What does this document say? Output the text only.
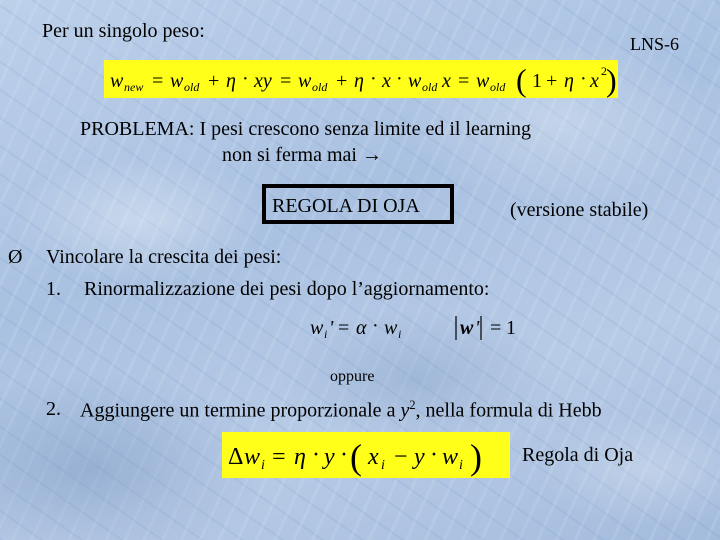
Per un singolo peso:
LNS-6
w new = w old + η · xy = w old + η · x · w old x = w old ( 1 + η · x 2 )
PROBLEMA: I pesi crescono senza limite ed il learning
non si ferma mai →
REGOLA DI OJA	(versione stabile)
Ø Vincolare la crescita dei pesi:
1. Rinormalizzazione dei pesi dopo l’aggiornamento:
w i ' = α · w i	w ' = 1
oppure
2. Aggiungere un termine proporzionale a $y^2$, nella formula di Hebb
Δ w i = η · y · ( x i − y · w i ) Regola di Oja
